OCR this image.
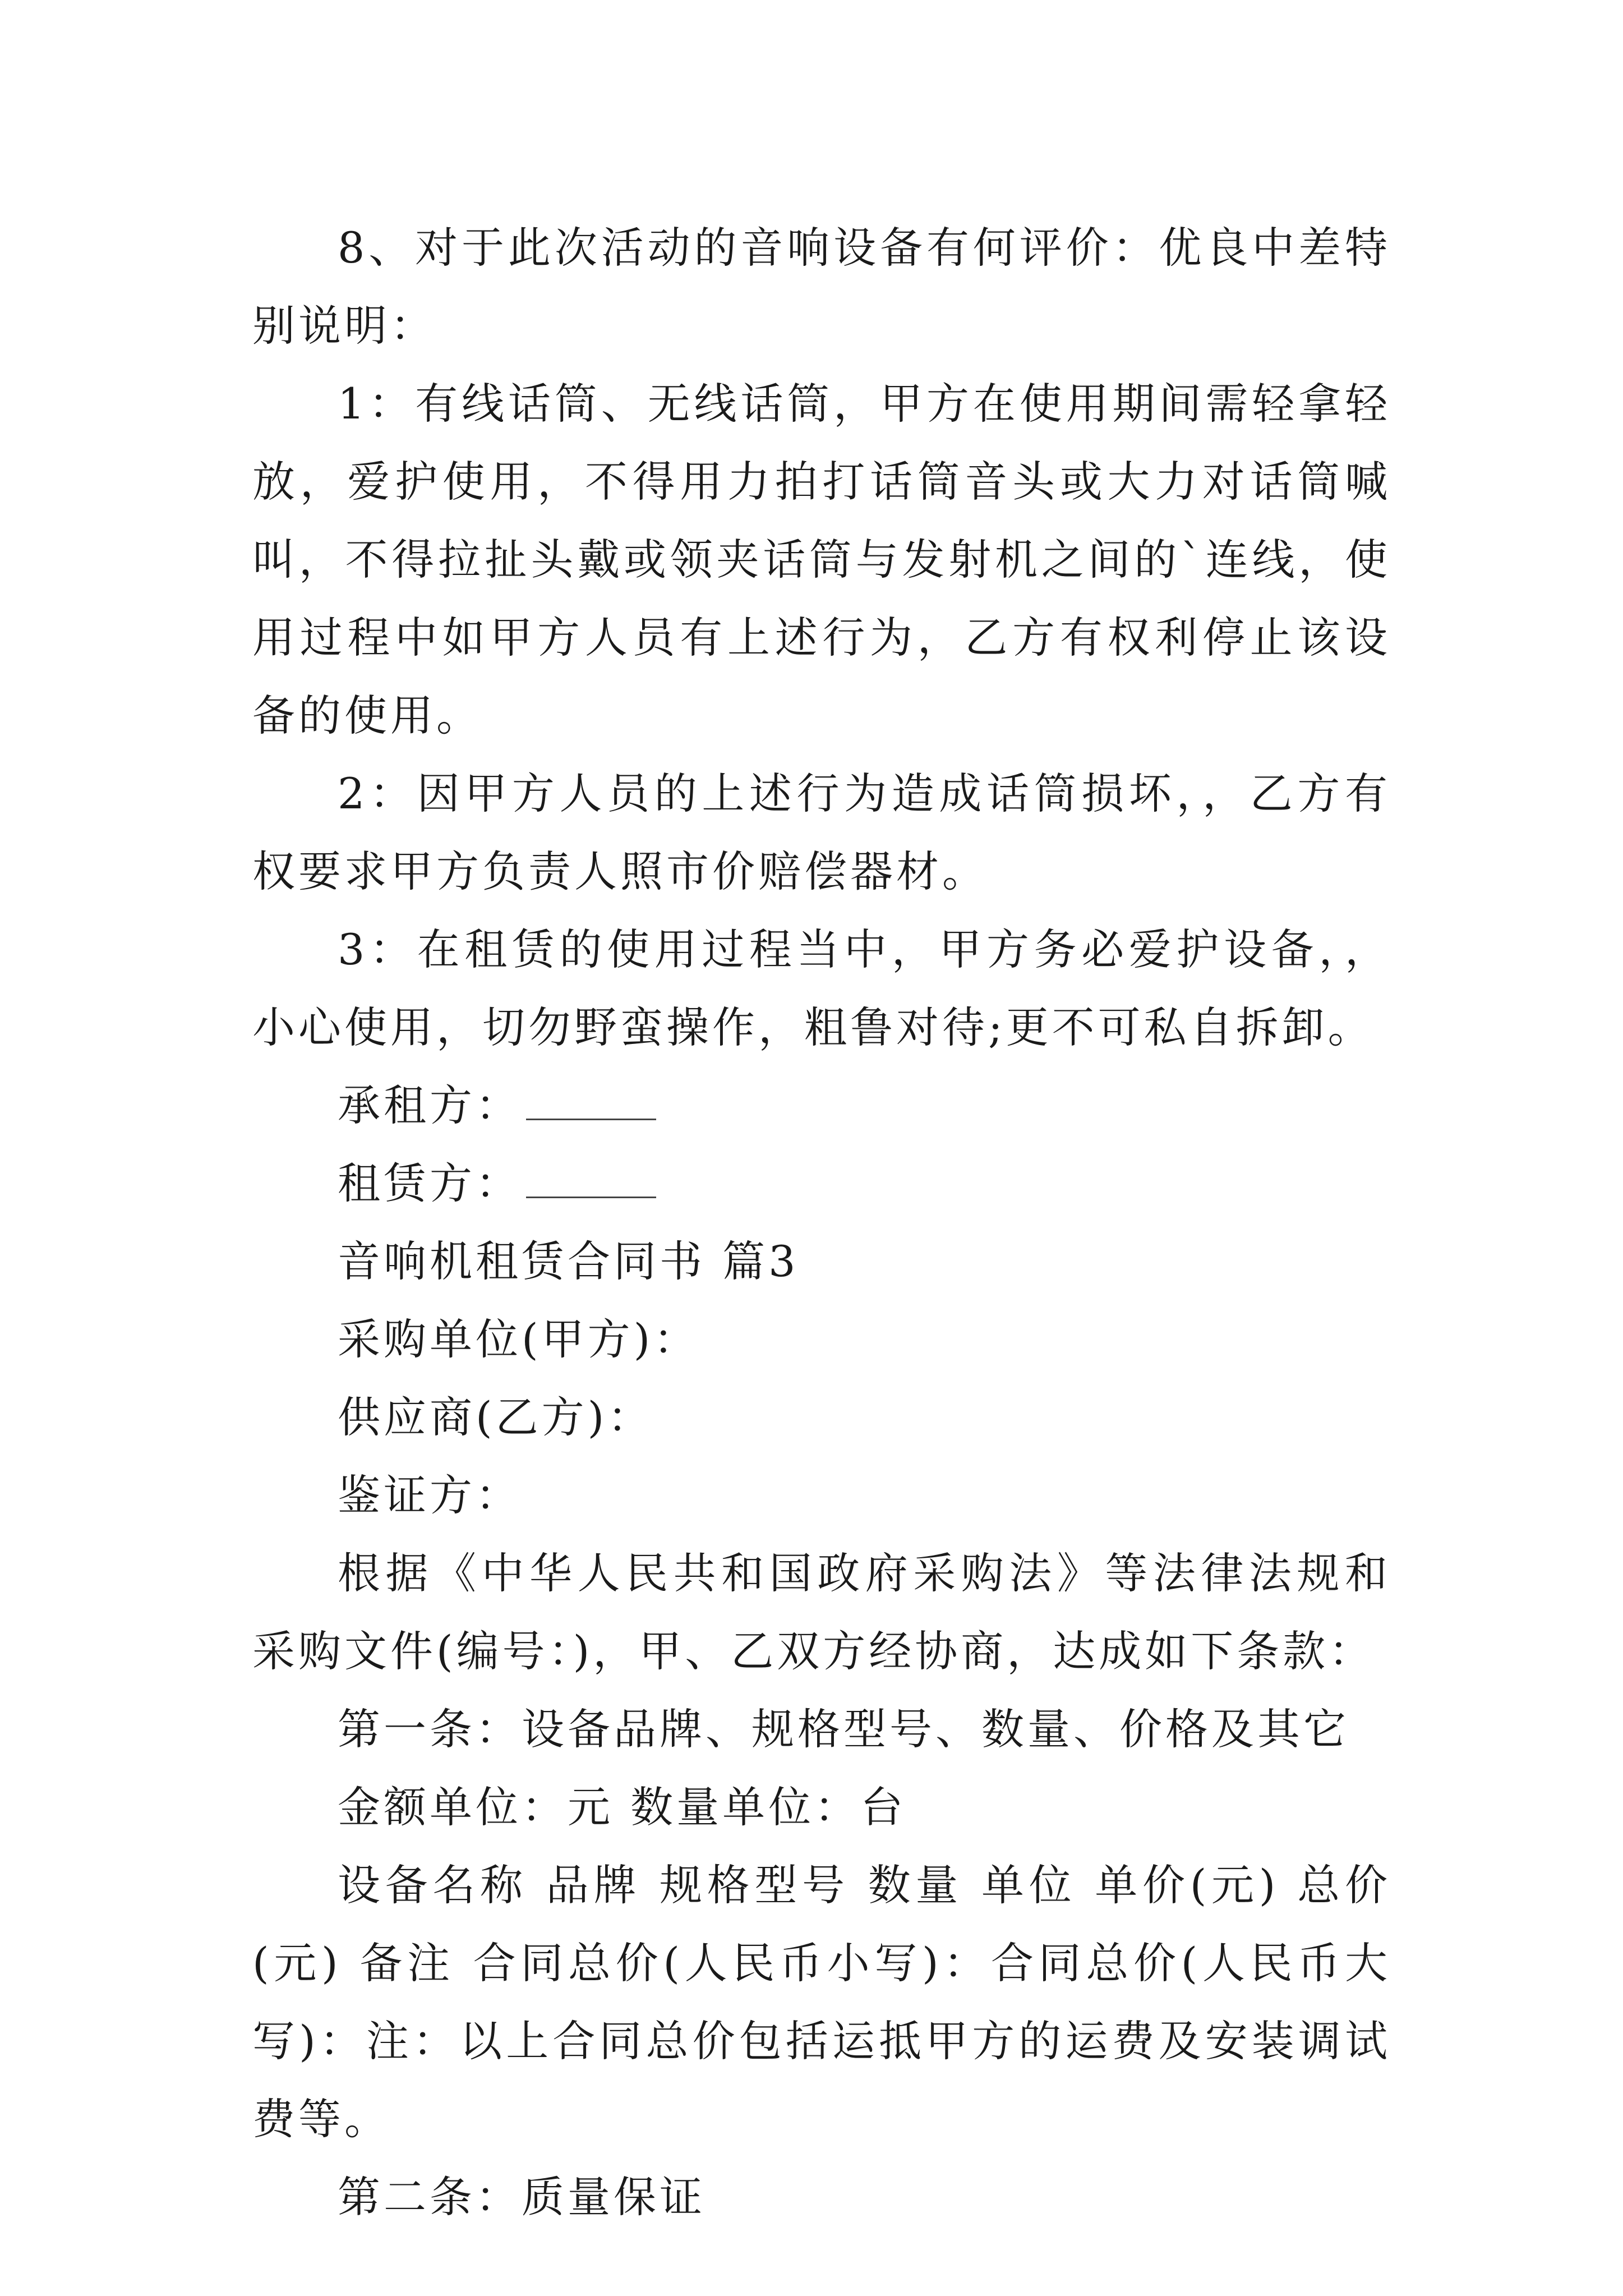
8、对于此次活动的音响设备有何评价：优良中差特别说明：

1：有线话筒、无线话筒，甲方在使用期间需轻拿轻放，爱护使用，不得用力拍打话筒音头或大力对话筒喊叫，不得拉扯头戴或领夹话筒与发射机之间的`连线，使用过程中如甲方人员有上述行为，乙方有权利停止该设备的使用。

2：因甲方人员的上述行为造成话筒损坏，，乙方有权要求甲方负责人照市价赔偿器材。

3：在租赁的使用过程当中，甲方务必爱护设备，，小心使用，切勿野蛮操作，粗鲁对待;更不可私自拆卸。

承租方：

租赁方：

音响机租赁合同书 篇3

采购单位(甲方)：

供应商(乙方)：

鉴证方：

根据《中华人民共和国政府采购法》等法律法规和采购文件(编号：)，甲、乙双方经协商，达成如下条款：

第一条：设备品牌、规格型号、数量、价格及其它

金额单位：元 数量单位：台

设备名称 品牌 规格型号 数量 单位 单价(元) 总价(元) 备注 合同总价(人民币小写)：合同总价(人民币大写)：注：以上合同总价包括运抵甲方的运费及安装调试费等。

第二条：质量保证
